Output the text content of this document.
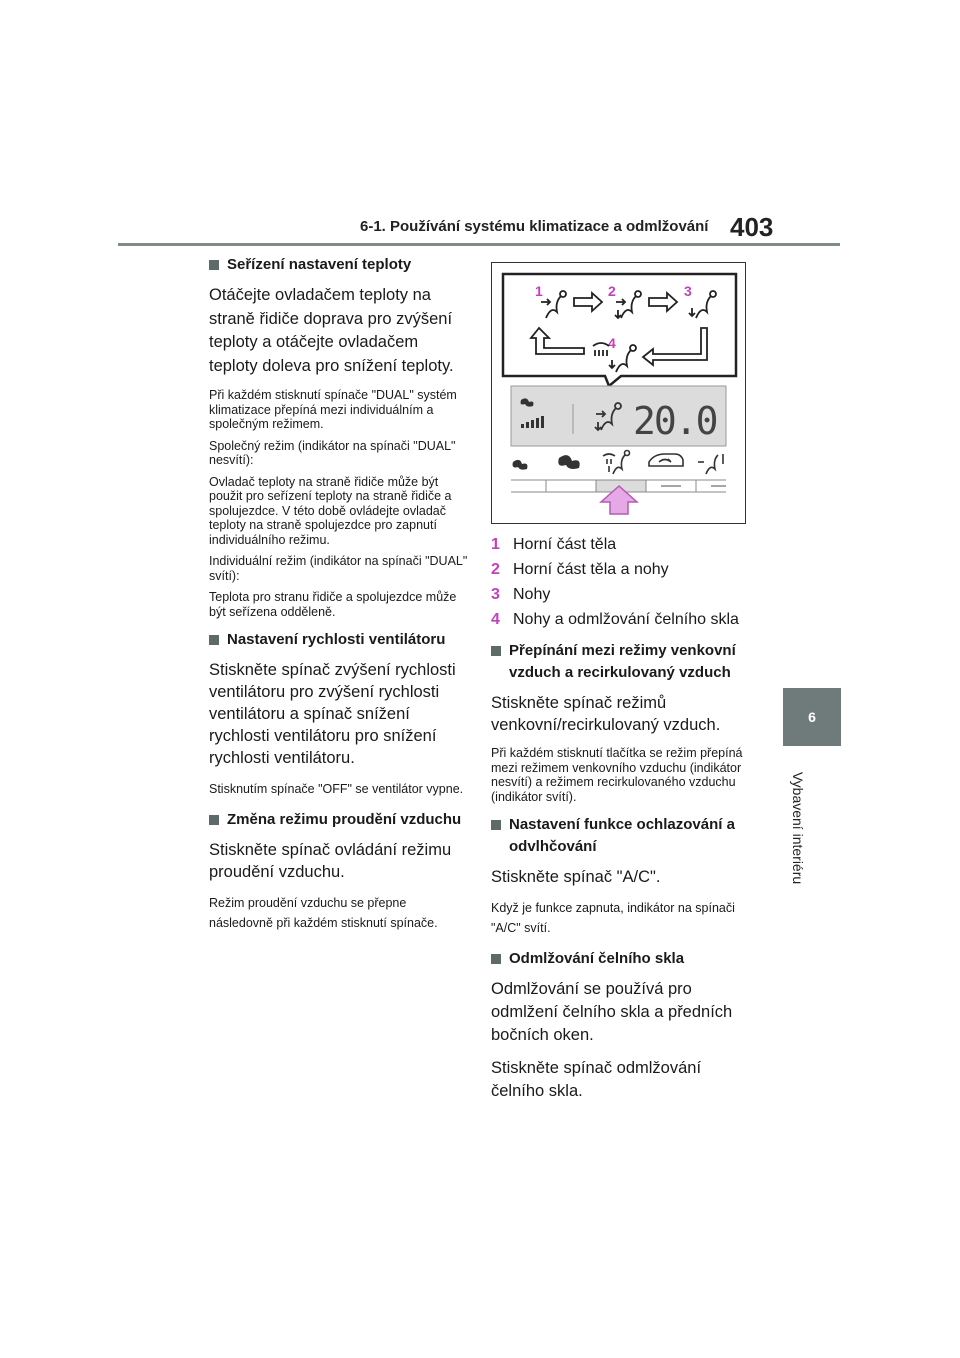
6-1. Používání systému klimatizace a odmlžování 403
6
Vybavení interiéru
Seřízení nastavení teploty

Otáčejte ovladačem teploty na straně řidiče doprava pro zvýšení teploty a otáčejte ovladačem teploty doleva pro snížení teploty.

Při každém stisknutí spínače "DUAL" systém klimatizace přepíná mezi individuálním a společným režimem.

Společný režim (indikátor na spínači "DUAL" nesvítí):

Ovladač teploty na straně řidiče může být použit pro seřízení teploty na straně řidiče a spolujezdce. V této době ovládejte ovladač teploty na straně spolujezdce pro zapnutí individuálního režimu.

Individuální režim (indikátor na spínači "DUAL" svítí):

Teplota pro stranu řidiče a spolujezdce může být seřízena odděleně.

Nastavení rychlosti ventilátoru

Stiskněte spínač zvýšení rychlosti ventilátoru pro zvýšení rychlosti ventilátoru a spínač snížení rychlosti ventilátoru pro snížení rychlosti ventilátoru.

Stisknutím spínače "OFF" se ventilátor vypne.

Změna režimu proudění vzduchu

Stiskněte spínač ovládání režimu proudění vzduchu.

Režim proudění vzduchu se přepne následovně při každém stisknutí spínače.

1	2	3
4
20.0
1 Horní část těla
2 Horní část těla a nohy
3 Nohy
4 Nohy a odmlžování čelního skla
Přepínání mezi režimy venkovní vzduch a recirkulovaný vzduch

Stiskněte spínač režimů venkovní/recirkulovaný vzduch.

Při každém stisknutí tlačítka se režim přepíná mezi režimem venkovního vzduchu (indikátor nesvítí) a režimem recirkulovaného vzduchu (indikátor svítí).

Nastavení funkce ochlazování a odvlhčování

Stiskněte spínač "A/C".

Když je funkce zapnuta, indikátor na spínači "A/C" svítí.

Odmlžování čelního skla

Odmlžování se používá pro odmlžení čelního skla a předních bočních oken.

Stiskněte spínač odmlžování čelního skla.
